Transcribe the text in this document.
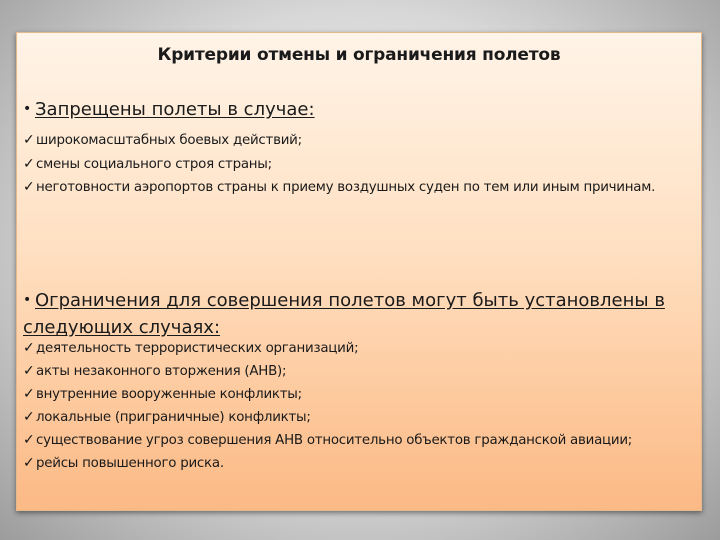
Критерии отмены и ограничения полетов
• Запрещены полеты в случае:
✓ широкомасштабных боевых действий;
✓ смены социального строя страны;
✓ неготовности аэропортов страны к приему воздушных суден по тем или иным причинам.
• Ограничения для совершения полетов могут быть установлены в следующих случаях:
✓ деятельность террористических организаций;
✓ акты незаконного вторжения (АНВ);
✓ внутренние вооруженные конфликты;
✓ локальные (приграничные) конфликты;
✓ существование угроз совершения АНВ относительно объектов гражданской авиации;
✓ рейсы повышенного риска.
